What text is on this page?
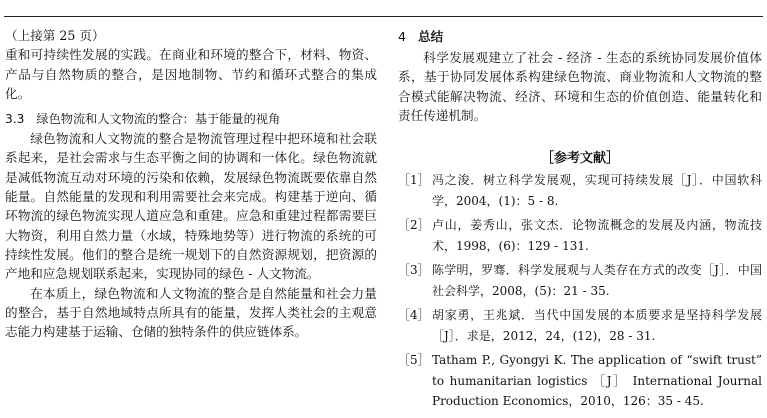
（上接第 25 页）

重和可持续性发展的实践。在商业和环境的整合下，材料、物资、产品与自然物质的整合，是因地制物、节约和循环式整合的集成化。

3.3 绿色物流和人文物流的整合：基于能量的视角

绿色物流和人文物流的整合是物流管理过程中把环境和社会联系起来，是社会需求与生态平衡之间的协调和一体化。绿色物流就是减低物流互动对环境的污染和依赖，发展绿色物流既要依靠自然能量。自然能量的发现和利用需要社会来完成。构建基于逆向、循环物流的绿色物流实现人道应急和重建。应急和重建过程都需要巨大物资，利用自然力量（水域，特殊地势等）进行物流的系统的可持续性发展。他们的整合是统一规划下的自然资源规划，把资源的产地和应急规划联系起来，实现协同的绿色 - 人文物流。

在本质上，绿色物流和人文物流的整合是自然能量和社会力量的整合，基于自然地域特点所具有的能量，发挥人类社会的主观意志能力构建基于运输、仓储的独特条件的供应链体系。

4 总结

科学发展观建立了社会 - 经济 - 生态的系统协同发展价值体系，基于协同发展体系构建绿色物流、商业物流和人文物流的整合模式能解决物流、经济、环境和生态的价值创造、能量转化和责任传递机制。

［参考文献］
［1］ 冯之浚．树立科学发展观，实现可持续发展［J］．中国软科学，2004，(1)：5 - 8.
［2］ 卢山，姜秀山，张文杰．论物流概念的发展及内涵，物流技术，1998，(6)：129 - 131.
［3］ 陈学明，罗骞．科学发展观与人类存在方式的改变［J］．中国社会科学，2008，(5)：21 - 35.
［4］ 胡家勇，王兆斌．当代中国发展的本质要求是坚持科学发展［J］．求是，2012，24，(12)，28 - 31.
［5］ Tatham P., Gyongyi K. The application of “swift trust” to humanitarian logistics ［J］ International Journal Production Economics，2010，126：35 - 45.
